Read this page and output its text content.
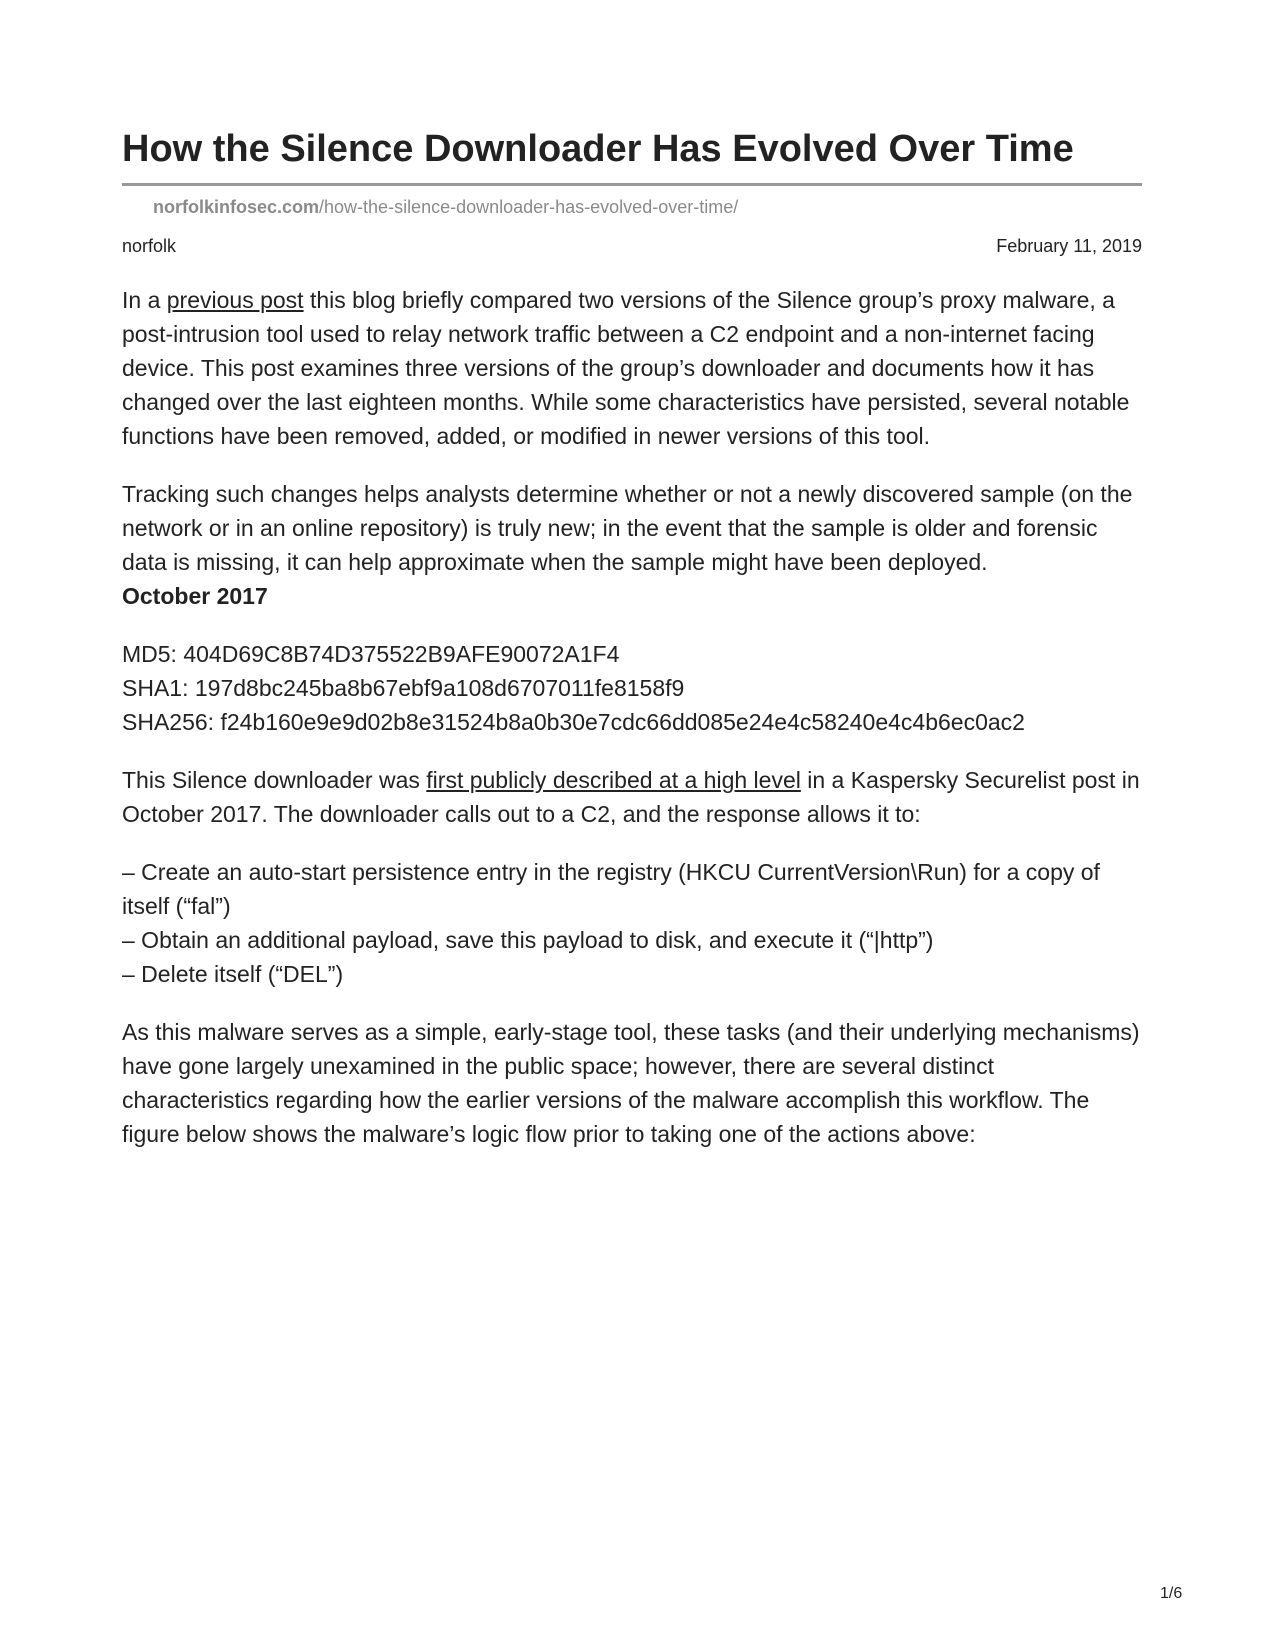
How the Silence Downloader Has Evolved Over Time
norfolkinfosec.com/how-the-silence-downloader-has-evolved-over-time/
norfolk	February 11, 2019

In a previous post this blog briefly compared two versions of the Silence group’s proxy malware, a post-intrusion tool used to relay network traffic between a C2 endpoint and a non-internet facing device. This post examines three versions of the group’s downloader and documents how it has changed over the last eighteen months. While some characteristics have persisted, several notable functions have been removed, added, or modified in newer versions of this tool.

Tracking such changes helps analysts determine whether or not a newly discovered sample (on the network or in an online repository) is truly new; in the event that the sample is older and forensic data is missing, it can help approximate when the sample might have been deployed.

October 2017

MD5: 404D69C8B74D375522B9AFE90072A1F4
SHA1: 197d8bc245ba8b67ebf9a108d6707011fe8158f9
SHA256: f24b160e9e9d02b8e31524b8a0b30e7cdc66dd085e24e4c58240e4c4b6ec0ac2

This Silence downloader was first publicly described at a high level in a Kaspersky Securelist post in October 2017. The downloader calls out to a C2, and the response allows it to:

– Create an auto-start persistence entry in the registry (HKCU CurrentVersion\Run) for a copy of itself (“fal”)
– Obtain an additional payload, save this payload to disk, and execute it (“|http”)
– Delete itself (“DEL”)

As this malware serves as a simple, early-stage tool, these tasks (and their underlying mechanisms) have gone largely unexamined in the public space; however, there are several distinct characteristics regarding how the earlier versions of the malware accomplish this workflow. The figure below shows the malware’s logic flow prior to taking one of the actions above:

1/6
